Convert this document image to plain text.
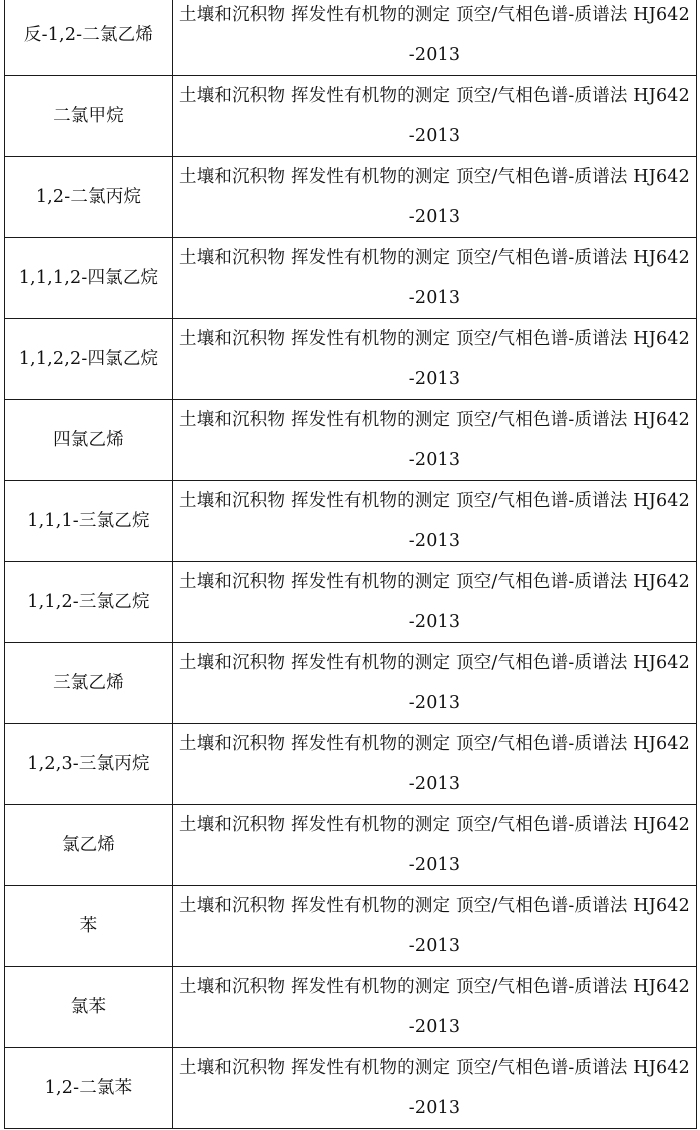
反-1,2-二氯乙烯	土壤和沉积物 挥发性有机物的测定 顶空/气相色谱-质谱法 HJ642-2013
二氯甲烷	土壤和沉积物 挥发性有机物的测定 顶空/气相色谱-质谱法 HJ642-2013
1,2-二氯丙烷	土壤和沉积物 挥发性有机物的测定 顶空/气相色谱-质谱法 HJ642-2013
1,1,1,2-四氯乙烷	土壤和沉积物 挥发性有机物的测定 顶空/气相色谱-质谱法 HJ642-2013
1,1,2,2-四氯乙烷	土壤和沉积物 挥发性有机物的测定 顶空/气相色谱-质谱法 HJ642-2013
四氯乙烯	土壤和沉积物 挥发性有机物的测定 顶空/气相色谱-质谱法 HJ642-2013
1,1,1-三氯乙烷	土壤和沉积物 挥发性有机物的测定 顶空/气相色谱-质谱法 HJ642-2013
1,1,2-三氯乙烷	土壤和沉积物 挥发性有机物的测定 顶空/气相色谱-质谱法 HJ642-2013
三氯乙烯	土壤和沉积物 挥发性有机物的测定 顶空/气相色谱-质谱法 HJ642-2013
1,2,3-三氯丙烷	土壤和沉积物 挥发性有机物的测定 顶空/气相色谱-质谱法 HJ642-2013
氯乙烯	土壤和沉积物 挥发性有机物的测定 顶空/气相色谱-质谱法 HJ642-2013
苯	土壤和沉积物 挥发性有机物的测定 顶空/气相色谱-质谱法 HJ642-2013
氯苯	土壤和沉积物 挥发性有机物的测定 顶空/气相色谱-质谱法 HJ642-2013
1,2-二氯苯	土壤和沉积物 挥发性有机物的测定 顶空/气相色谱-质谱法 HJ642-2013
